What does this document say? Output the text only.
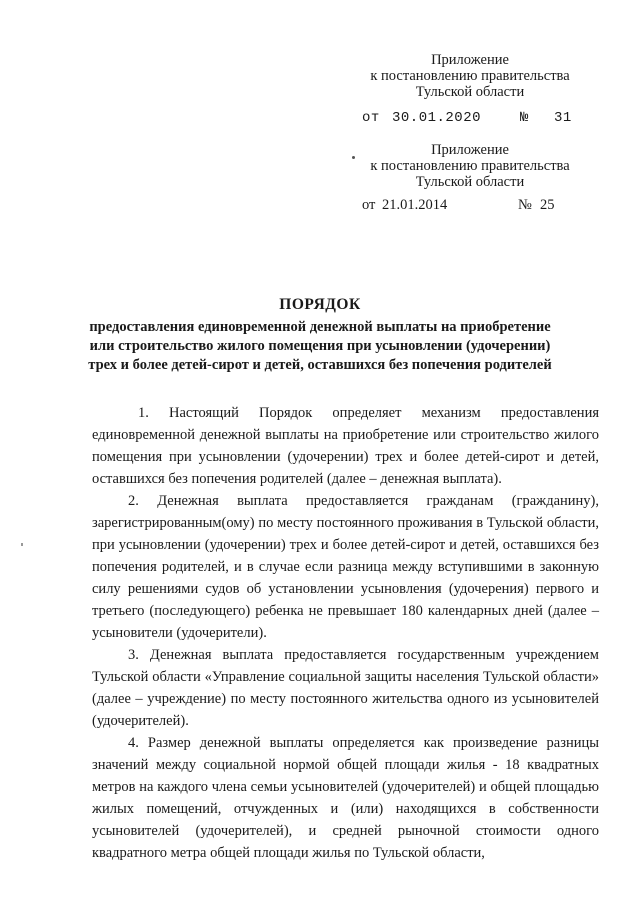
Приложение
к постановлению правительства
Тульской области
от 30.01.2020	№ 31
Приложение
к постановлению правительства
Тульской области
от 21.01.2014	№ 25
ПОРЯДОК
предоставления единовременной денежной выплаты на приобретение
или строительство жилого помещения при усыновлении (удочерении)
трех и более детей-сирот и детей, оставшихся без попечения родителей

1. Настоящий Порядок определяет механизм предоставления единовременной денежной выплаты на приобретение или строительство жилого помещения при усыновлении (удочерении) трех и более детей-сирот и детей, оставшихся без попечения родителей (далее – денежная выплата).

2. Денежная выплата предоставляется гражданам (гражданину), зарегистрированным(ому) по месту постоянного проживания в Тульской области, при усыновлении (удочерении) трех и более детей-сирот и детей, оставшихся без попечения родителей, и в случае если разница между вступившими в законную силу решениями судов об установлении усыновления (удочерения) первого и третьего (последующего) ребенка не превышает 180 календарных дней (далее – усыновители (удочерители).

3. Денежная выплата предоставляется государственным учреждением Тульской области «Управление социальной защиты населения Тульской области» (далее – учреждение) по месту постоянного жительства одного из усыновителей (удочерителей).

4. Размер денежной выплаты определяется как произведение разницы значений между социальной нормой общей площади жилья - 18 квадратных метров на каждого члена семьи усыновителей (удочерителей) и общей площадью жилых помещений, отчужденных и (или) находящихся в собственности усыновителей (удочерителей), и средней рыночной стоимости одного квадратного метра общей площади жилья по Тульской области,
